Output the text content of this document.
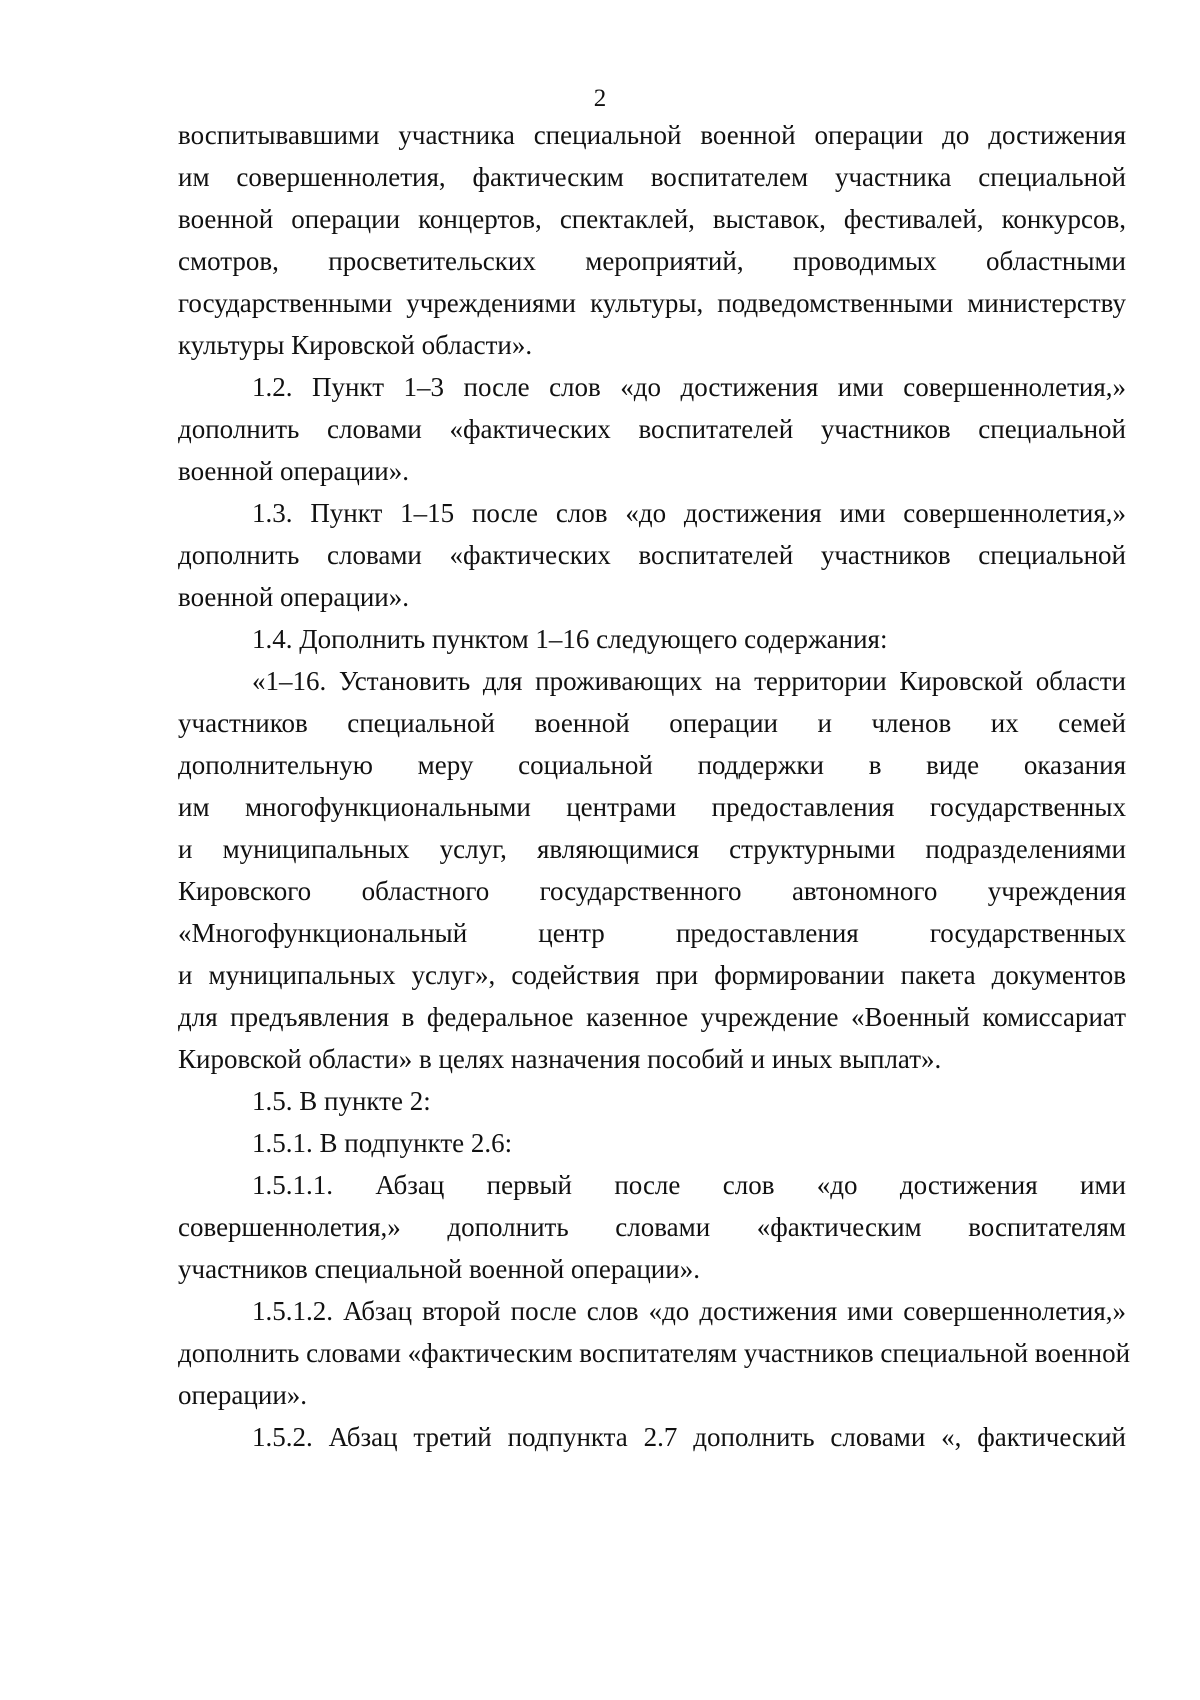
2
воспитывавшими участника специальной военной операции до достижения
им совершеннолетия, фактическим воспитателем участника специальной
военной операции концертов, спектаклей, выставок, фестивалей, конкурсов,
смотров, просветительских мероприятий, проводимых областными
государственными учреждениями культуры, подведомственными министерству
культуры Кировской области».
1.2. Пункт 1–3 после слов «до достижения ими совершеннолетия,»
дополнить словами «фактических воспитателей участников специальной
военной операции».
1.3. Пункт 1–15 после слов «до достижения ими совершеннолетия,»
дополнить словами «фактических воспитателей участников специальной
военной операции».
1.4. Дополнить пунктом 1–16 следующего содержания:
«1–16. Установить для проживающих на территории Кировской области
участников специальной военной операции и членов их семей
дополнительную меру социальной поддержки в виде оказания
им многофункциональными центрами предоставления государственных
и муниципальных услуг, являющимися структурными подразделениями
Кировского областного государственного автономного учреждения
«Многофункциональный центр предоставления государственных
и муниципальных услуг», содействия при формировании пакета документов
для предъявления в федеральное казенное учреждение «Военный комиссариат
Кировской области» в целях назначения пособий и иных выплат».
1.5. В пункте 2:
1.5.1. В подпункте 2.6:
1.5.1.1. Абзац первый после слов «до достижения ими
совершеннолетия,» дополнить словами «фактическим воспитателям
участников специальной военной операции».
1.5.1.2. Абзац второй после слов «до достижения ими совершеннолетия,»
дополнить словами «фактическим воспитателям участников специальной военной
операции».
1.5.2. Абзац третий подпункта 2.7 дополнить словами «, фактический
